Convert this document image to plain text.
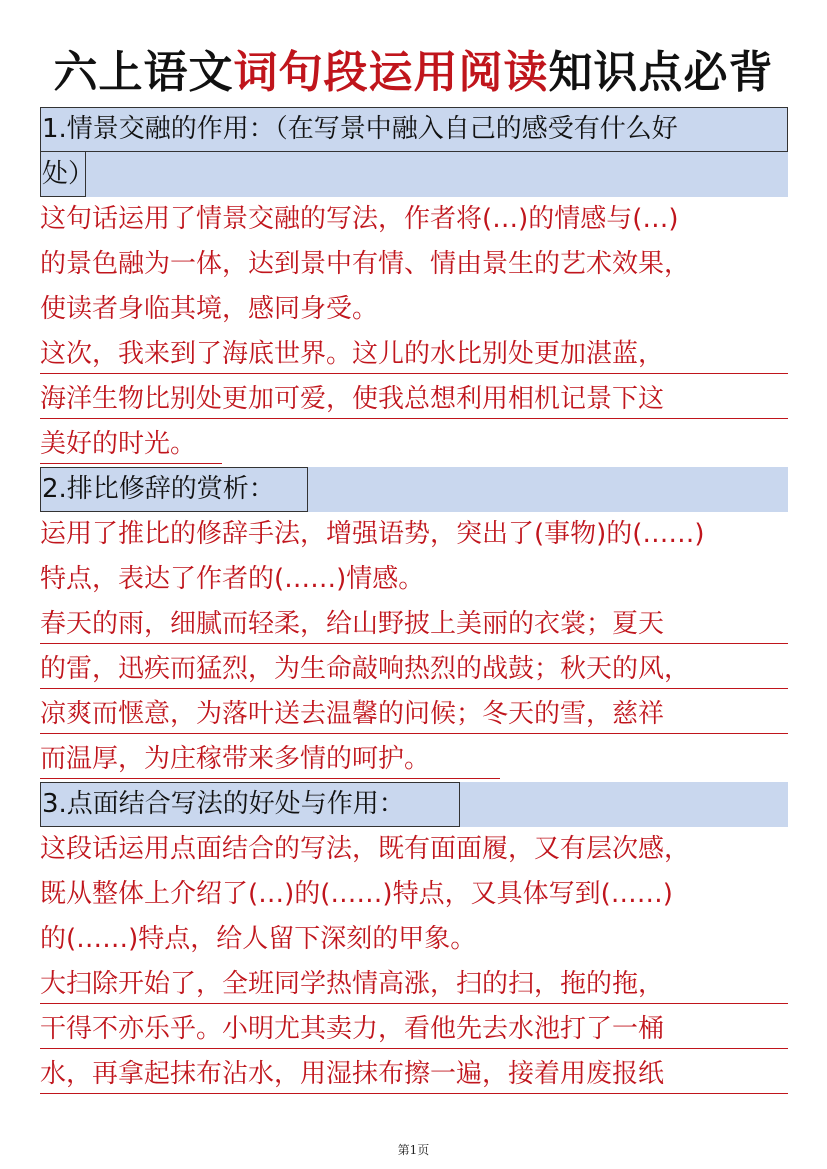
六上语文词句段运用阅读知识点必背
1.情景交融的作用：（在写景中融入自己的感受有什么好
处）
这句话运用了情景交融的写法，作者将(…)的情感与(…)
的景色融为一体，达到景中有情、情由景生的艺术效果，
使读者身临其境，感同身受。
这次，我来到了海底世界。这儿的水比别处更加湛蓝，
海洋生物比别处更加可爱，使我总想利用相机记景下这
美好的时光。
2.排比修辞的赏析：
运用了推比的修辞手法，增强语势，突出了(事物)的(……)
特点，表达了作者的(……)情感。
春天的雨，细腻而轻柔，给山野披上美丽的衣裳；夏天
的雷，迅疾而猛烈，为生命敲响热烈的战鼓；秋天的风，
凉爽而惬意，为落叶送去温馨的问候；冬天的雪，慈祥
而温厚，为庄稼带来多情的呵护。
3.点面结合写法的好处与作用：
这段话运用点面结合的写法，既有面面履，又有层次感，
既从整体上介绍了(…)的(……)特点，又具体写到(……)
的(……)特点，给人留下深刻的甲象。
大扫除开始了，全班同学热情高涨，扫的扫，拖的拖，
干得不亦乐乎。小明尤其卖力，看他先去水池打了一桶
水，再拿起抹布沾水，用湿抹布擦一遍，接着用废报纸
第1页
